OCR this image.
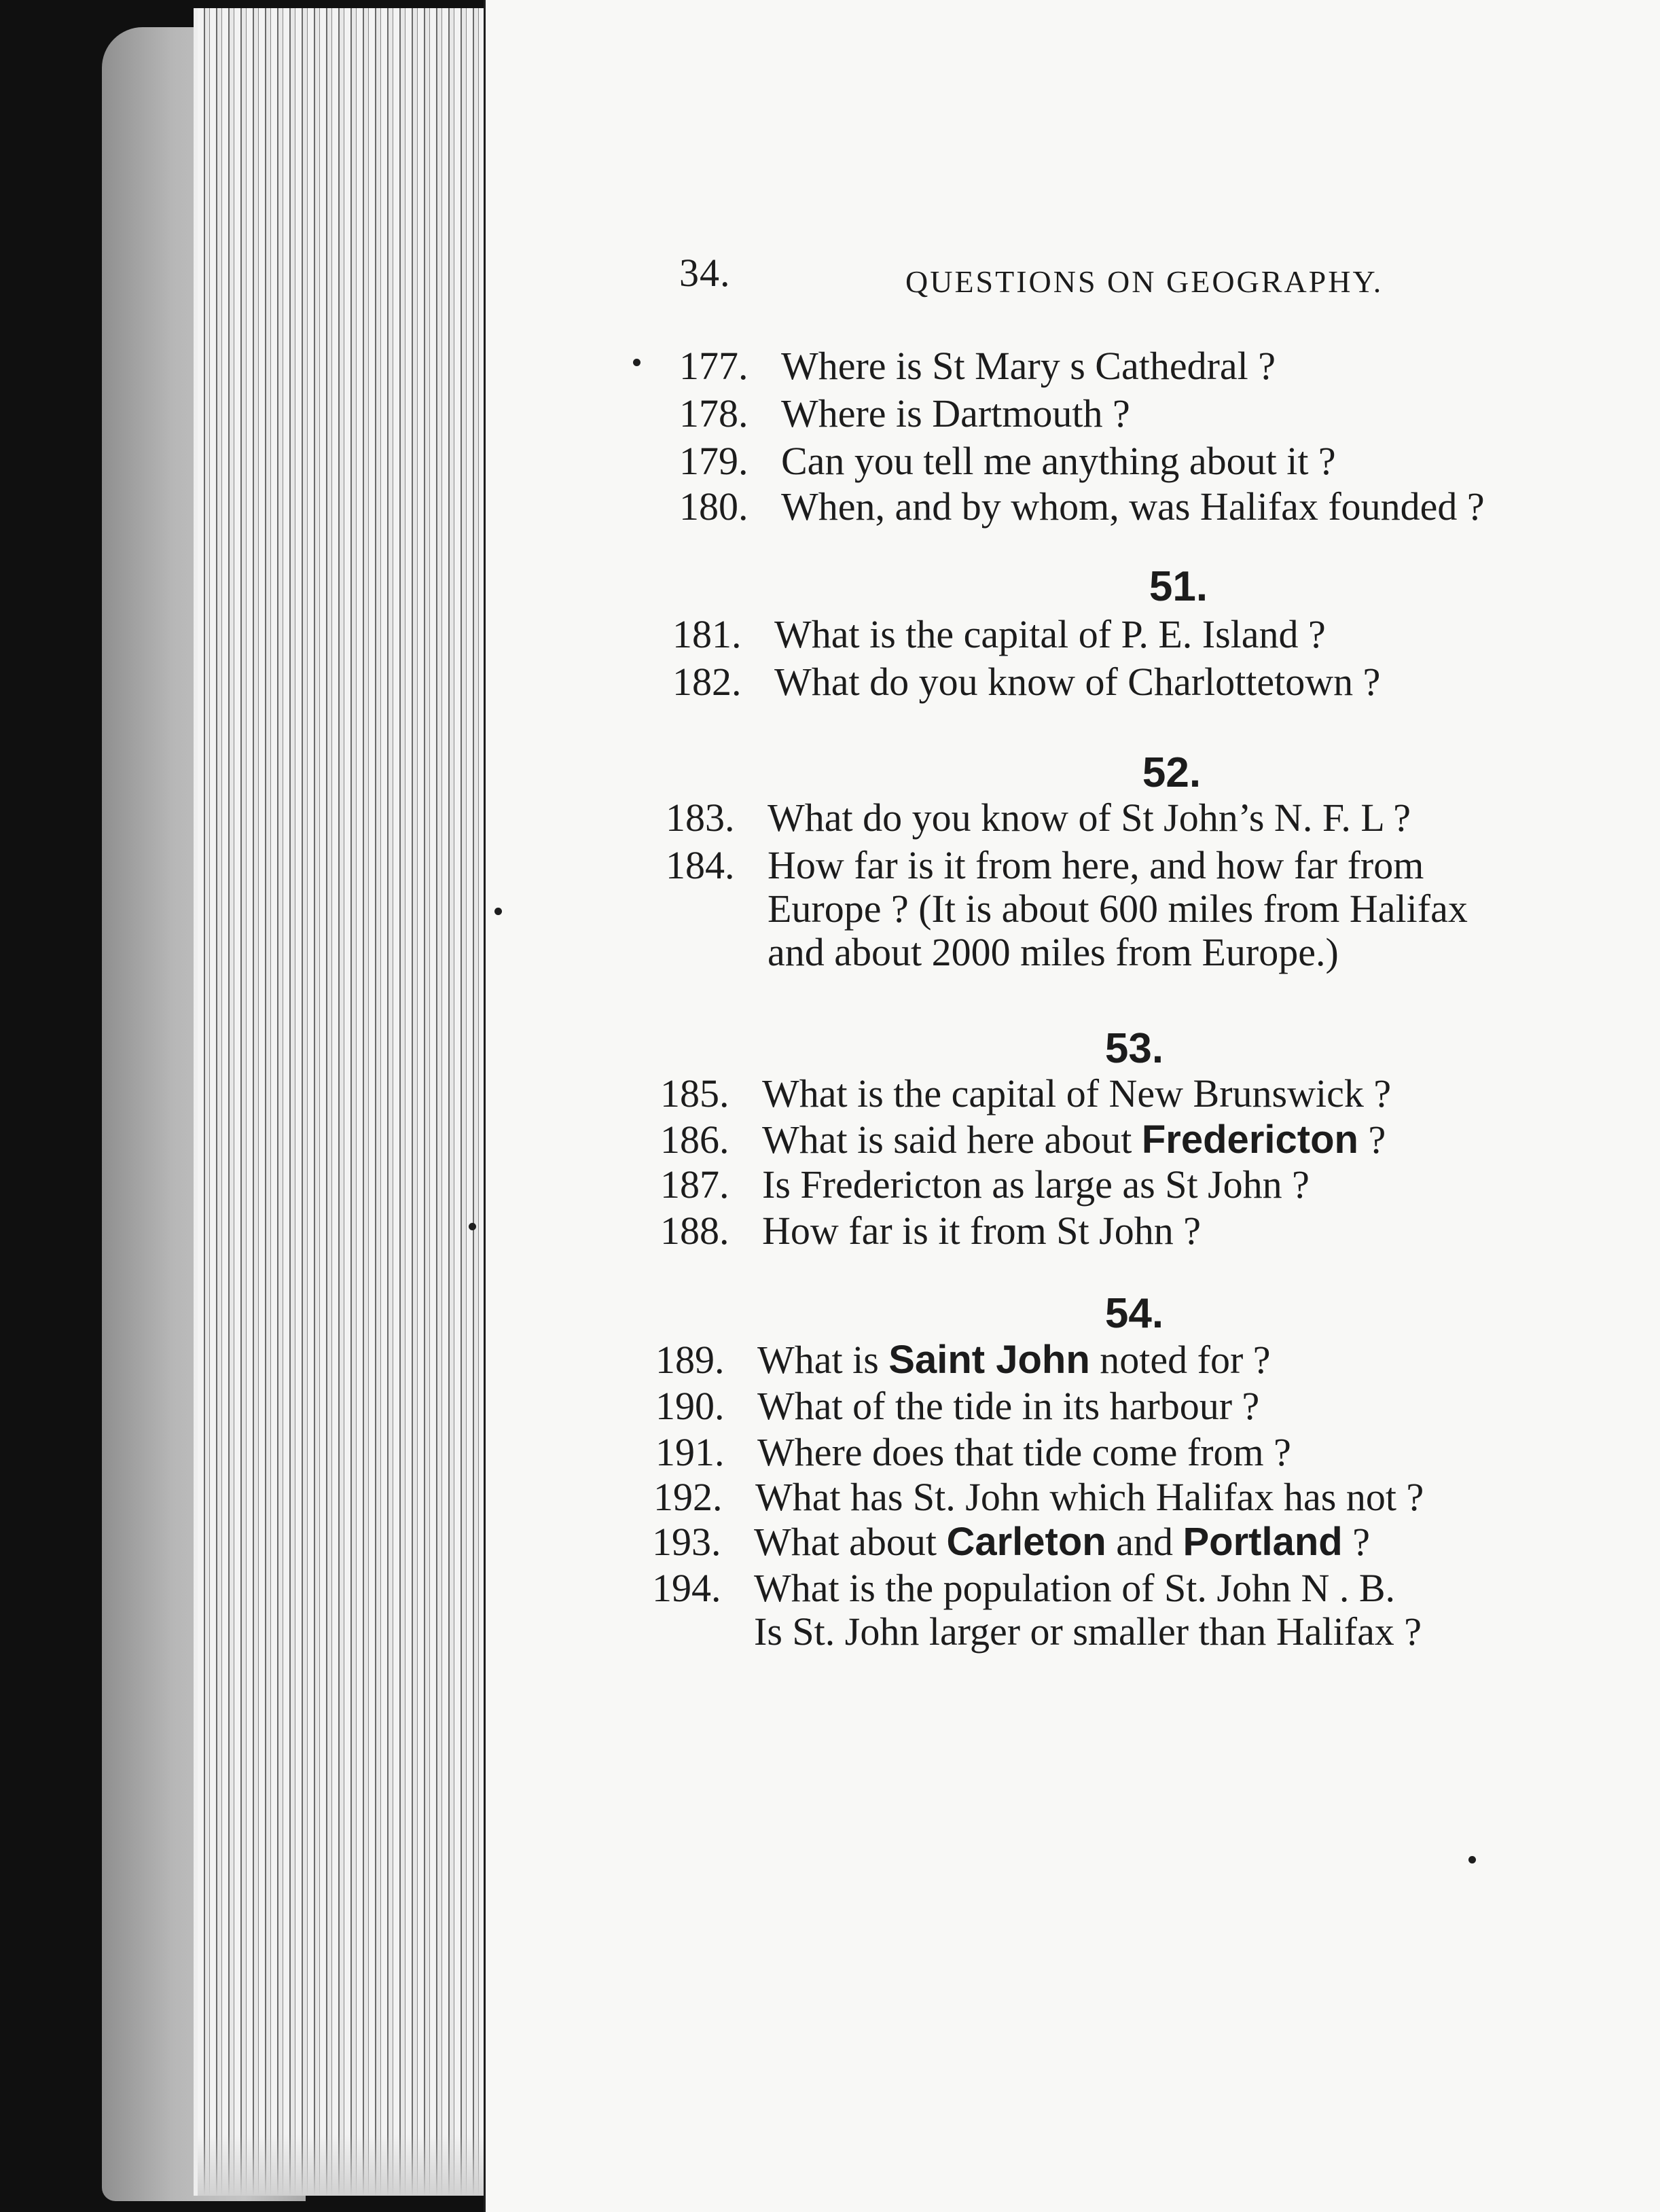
34.	QUESTIONS ON GEOGRAPHY.
177. Where is St Mary s Cathedral ?
178. Where is Dartmouth ?
179. Can you tell me anything about it ?
180. When, and by whom, was Halifax founded ?
51.
181. What is the capital of P. E. Island ?
182. What do you know of Charlottetown ?
52.
183. What do you know of St John’s N. F. L ?
184. How far is it from here, and how far from
Europe ? (It is about 600 miles from Halifax
and about 2000 miles from Europe.)
53.
185. What is the capital of New Brunswick ?
186. What is said here about Fredericton ?
187. Is Fredericton as large as St John ?
188. How far is it from St John ?
54.
189. What is Saint John noted for ?
190. What of the tide in its harbour ?
191. Where does that tide come from ?
192. What has St. John which Halifax has not ?
193. What about Carleton and Portland ?
194. What is the population of St. John N . B.
Is St. John larger or smaller than Halifax ?
